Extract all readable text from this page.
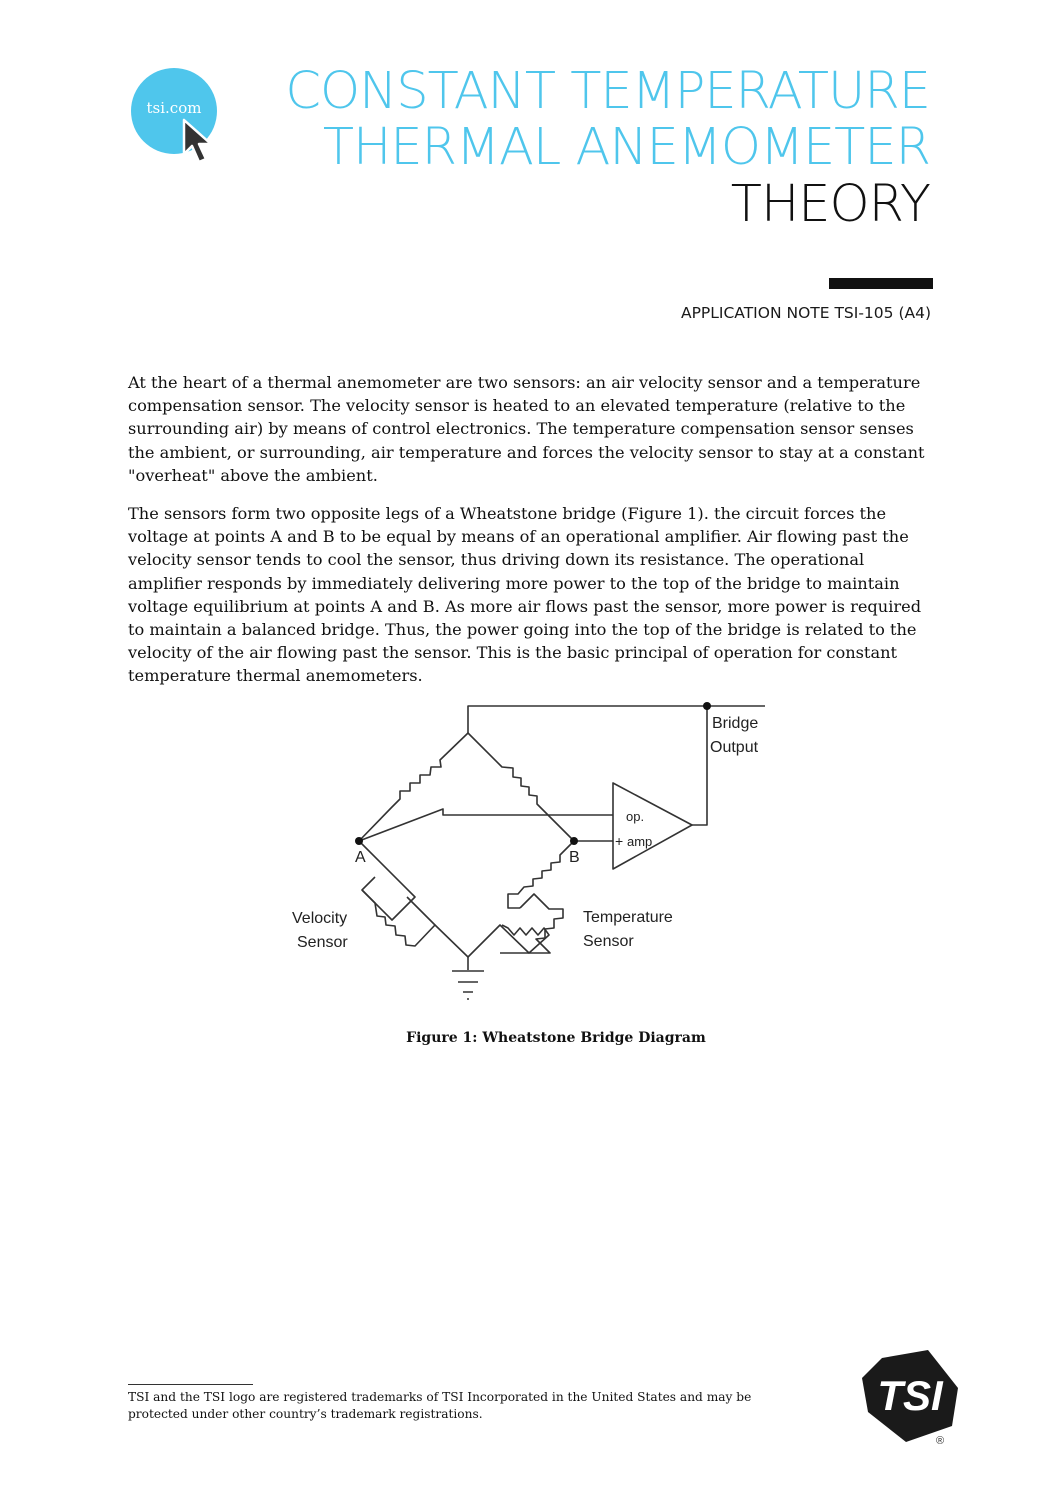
tsi.com	CONSTANT TEMPERATURE
THERMAL ANEMOMETER
THEORY
APPLICATION NOTE TSI-105 (A4)

At the heart of a thermal anemometer are two sensors: an air velocity sensor and a temperature compensation sensor. The velocity sensor is heated to an elevated temperature (relative to the surrounding air) by means of control electronics. The temperature compensation sensor senses the ambient, or surrounding, air temperature and forces the velocity sensor to stay at a constant "overheat" above the ambient.

The sensors form two opposite legs of a Wheatstone bridge (Figure 1). the circuit forces the voltage at points A and B to be equal by means of an operational amplifier. Air flowing past the velocity sensor tends to cool the sensor, thus driving down its resistance. The operational amplifier responds by immediately delivering more power to the top of the bridge to maintain voltage equilibrium at points A and B. As more air flows past the sensor, more power is required to maintain a balanced bridge. Thus, the power going into the top of the bridge is related to the velocity of the air flowing past the sensor. This is the basic principal of operation for constant temperature thermal anemometers.

Bridge
Output
op.
+ amp
A	B
Velocity
Sensor
Temperature
Sensor
Figure 1: Wheatstone Bridge Diagram

TSI and the TSI logo are registered trademarks of TSI Incorporated in the United States and may be protected under other country’s trademark registrations.	TSI
®
